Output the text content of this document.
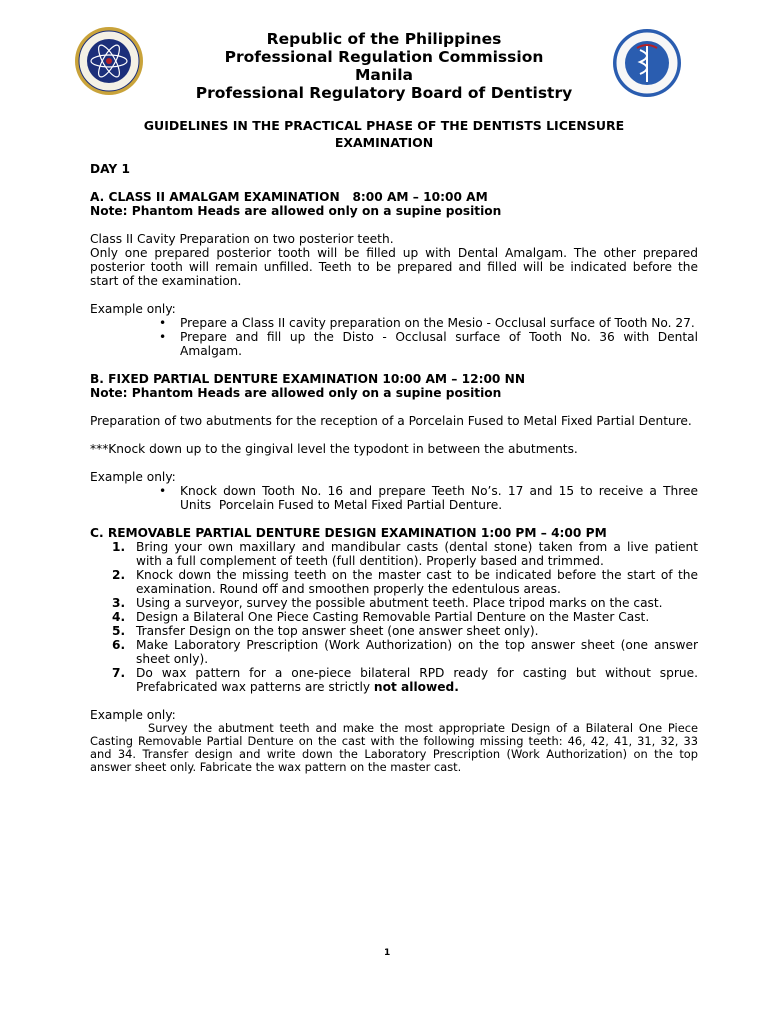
Republic of the Philippines
Professional Regulation Commission
Manila
Professional Regulatory Board of Dentistry
GUIDELINES IN THE PRACTICAL PHASE OF THE DENTISTS LICENSURE
EXAMINATION
DAY 1
A. CLASS II AMALGAM EXAMINATION   8:00 AM – 10:00 AM
Note: Phantom Heads are allowed only on a supine position
Class II Cavity Preparation on two posterior teeth.
Only one prepared posterior tooth will be filled up with Dental Amalgam. The other prepared posterior tooth will remain unfilled. Teeth to be prepared and filled will be indicated before the start of the examination.
Example only:
• Prepare a Class II cavity preparation on the Mesio - Occlusal surface of Tooth No. 27.
• Prepare and fill up the Disto - Occlusal surface of Tooth No. 36 with Dental Amalgam.
B. FIXED PARTIAL DENTURE EXAMINATION 10:00 AM – 12:00 NN
Note: Phantom Heads are allowed only on a supine position
Preparation of two abutments for the reception of a Porcelain Fused to Metal Fixed Partial Denture.
***Knock down up to the gingival level the typodont in between the abutments.
Example only:
• Knock down Tooth No. 16 and prepare Teeth No’s. 17 and 15 to receive a Three Units  Porcelain Fused to Metal Fixed Partial Denture.
C. REMOVABLE PARTIAL DENTURE DESIGN EXAMINATION 1:00 PM – 4:00 PM
1. Bring your own maxillary and mandibular casts (dental stone) taken from a live patient with a full complement of teeth (full dentition). Properly based and trimmed.
2. Knock down the missing teeth on the master cast to be indicated before the start of the examination. Round off and smoothen properly the edentulous areas.
3. Using a surveyor, survey the possible abutment teeth. Place tripod marks on the cast.
4. Design a Bilateral One Piece Casting Removable Partial Denture on the Master Cast.
5. Transfer Design on the top answer sheet (one answer sheet only).
6. Make Laboratory Prescription (Work Authorization) on the top answer sheet (one answer sheet only).
7. Do wax pattern for a one-piece bilateral RPD ready for casting but without sprue. Prefabricated wax patterns are strictly not allowed.
Example only:
Survey the abutment teeth and make the most appropriate Design of a Bilateral One Piece Casting Removable Partial Denture on the cast with the following missing teeth: 46, 42, 41, 31, 32, 33 and 34. Transfer design and write down the Laboratory Prescription (Work Authorization) on the top answer sheet only. Fabricate the wax pattern on the master cast.
1
